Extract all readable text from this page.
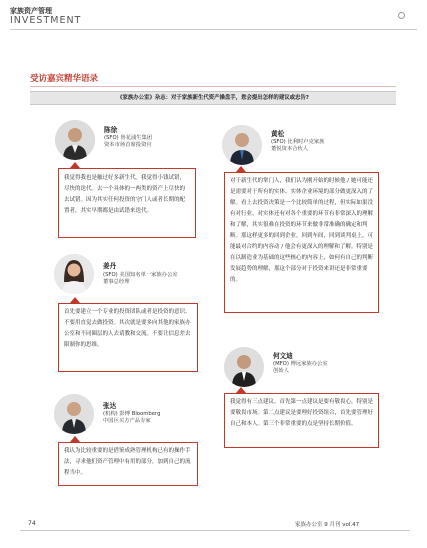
家族资产管理
INVESTMENT
受访嘉宾精华语录
《家族办公室》杂志：对于家族新生代资产操盘手，您会提出怎样的建议或忠告?
陈徐
(SFO) 鲁花浦生集团
资本市场首席投资官
我觉得我也是触过好多新生代。我觉得小钱试错，尽快的迭代。去一个具体的一两类的资产上尽快的去试错。因为其实任何投资的守门人或者长期的配置者，其实早期都是由试错来迭代。
黄松
(SFO) 比利时卢克家族
董悦资本合伙人
对于新生代的掌门人，我们认为刚开始的时候他 / 她可能还是需要对于所有的实体、实体企业环境的部分做更深入的了解。看上去投资决策是一个比较简单的过程，但实际如果没有对行业、对实体还有对各个重要的环节有非常深入的理解和了解，其实很难在投资的环节来做非常准确的确定和判断。那这样更多的回到企业，回到车间，回到谈判桌上，可能最对合约的内容动 / 他会有更深入的理解和了解。特别是在以制造业为基础的这些核心的内容上，如何有自己的判断发展趋势的理解，那这个部分对于投资来讲还是非常重要的。
姜丹
(SFO) 美国知名单一家族办公室
董事总经理
首先要建立一个专业的投资团队或者是投资的意识。不要用直觉去做投资。其次就是要多向其他的家族办公室和不同圈层的人去请教和交流。不要让信息差去限制你的思维。
何文迪
(MFO) 博远家族办公室
创始人
我觉得有三点建议。首先第一点建议是要有敬畏心，特别是要敬畏市场。第二点建议是要理好投资组合，首先要管理好自己和本人。第三个非常重要的点是坚持长期价值。
张达
(机构) 彭博 Bloomberg
中国区买方产品专家
我认为比较重要的是借鉴成熟管理机构已有的操作手法，寻求他们资产管理中有用的部分，加到自己的流程当中。
74	家族办公室 9 月刊 vol.47
